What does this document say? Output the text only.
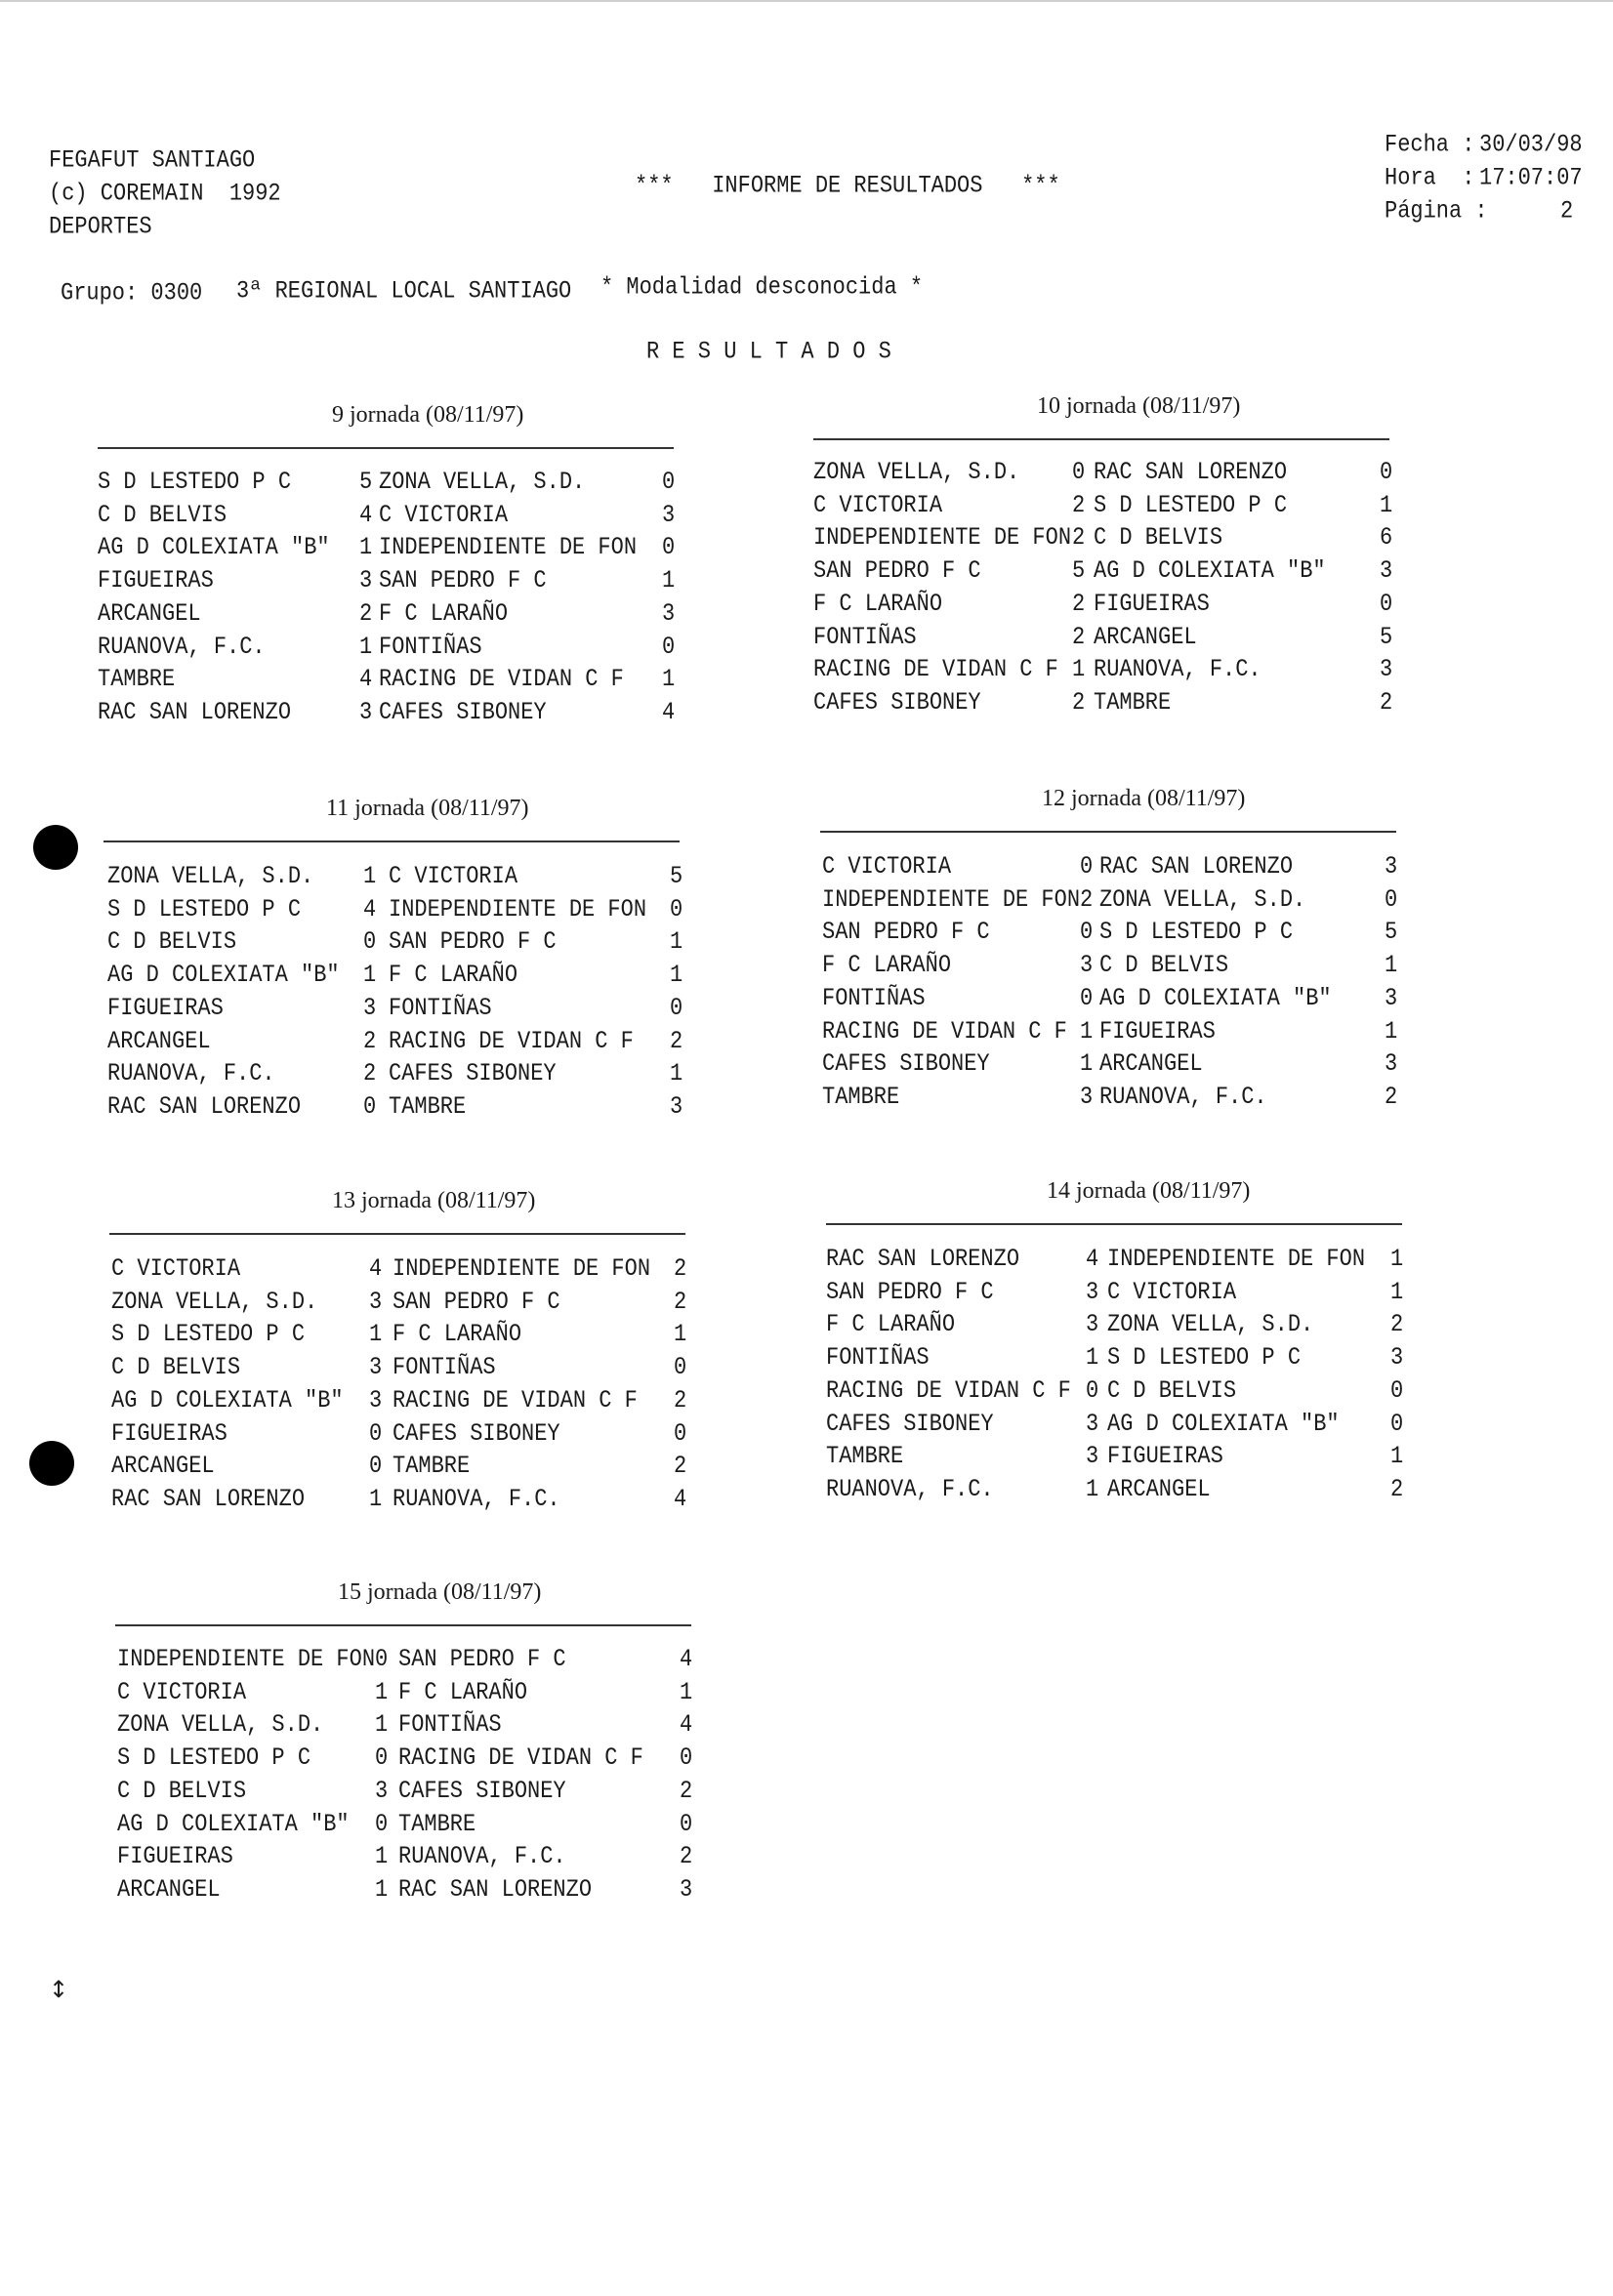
FEGAFUT SANTIAGO
(c) COREMAIN  1992
DEPORTES
***   INFORME DE RESULTADOS   ***
Fecha : 30/03/98
Hora  : 17:07:07
Página :	2
Grupo: 0300 3ª REGIONAL LOCAL SANTIAGO * Modalidad desconocida *
R E S U L T A D O S
9 jornada (08/11/97)
S D LESTEDO P C	5 ZONA VELLA, S.D.	0
C D BELVIS	4 C VICTORIA	3
AG D COLEXIATA "B" 1 INDEPENDIENTE DE FON 0
FIGUEIRAS	3 SAN PEDRO F C	1
ARCANGEL	2 F C LARAÑO	3
RUANOVA, F.C.	1 FONTIÑAS	0
TAMBRE	4 RACING DE VIDAN C F 1
RAC SAN LORENZO	3 CAFES SIBONEY	4
10 jornada (08/11/97)
ZONA VELLA, S.D. 0 RAC SAN LORENZO	0
C VICTORIA	2 S D LESTEDO P C	1
INDEPENDIENTE DE FON 2 C D BELVIS	6
SAN PEDRO F C	5 AG D COLEXIATA "B"	3
F C LARAÑO	2 FIGUEIRAS	0
FONTIÑAS	2 ARCANGEL	5
RACING DE VIDAN C F 1 RUANOVA, F.C.	3
CAFES SIBONEY	2 TAMBRE	2
11 jornada (08/11/97)
ZONA VELLA, S.D. 1 C VICTORIA	5
S D LESTEDO P C	4 INDEPENDIENTE DE FON 0
C D BELVIS	0 SAN PEDRO F C	1
AG D COLEXIATA "B" 1 F C LARAÑO	1
FIGUEIRAS	3 FONTIÑAS	0
ARCANGEL	2 RACING DE VIDAN C F 2
RUANOVA, F.C.	2 CAFES SIBONEY	1
RAC SAN LORENZO	0 TAMBRE	3
12 jornada (08/11/97)
C VICTORIA	0 RAC SAN LORENZO	3
INDEPENDIENTE DE FON 2 ZONA VELLA, S.D.	0
SAN PEDRO F C	0 S D LESTEDO P C	5
F C LARAÑO	3 C D BELVIS	1
FONTIÑAS	0 AG D COLEXIATA "B" 3
RACING DE VIDAN C F 1 FIGUEIRAS	1
CAFES SIBONEY	1 ARCANGEL	3
TAMBRE	3 RUANOVA, F.C.	2
13 jornada (08/11/97)
C VICTORIA	4 INDEPENDIENTE DE FON 2
ZONA VELLA, S.D. 3 SAN PEDRO F C	2
S D LESTEDO P C	1 F C LARAÑO	1
C D BELVIS	3 FONTIÑAS	0
AG D COLEXIATA "B" 3 RACING DE VIDAN C F 2
FIGUEIRAS	0 CAFES SIBONEY	0
ARCANGEL	0 TAMBRE	2
RAC SAN LORENZO	1 RUANOVA, F.C.	4
14 jornada (08/11/97)
RAC SAN LORENZO	4 INDEPENDIENTE DE FON 1
SAN PEDRO F C	3 C VICTORIA	1
F C LARAÑO	3 ZONA VELLA, S.D.	2
FONTIÑAS	1 S D LESTEDO P C	3
RACING DE VIDAN C F 0 C D BELVIS	0
CAFES SIBONEY	3 AG D COLEXIATA "B" 0
TAMBRE	3 FIGUEIRAS	1
RUANOVA, F.C.	1 ARCANGEL	2
15 jornada (08/11/97)
INDEPENDIENTE DE FON 0 SAN PEDRO F C	4
C VICTORIA	1 F C LARAÑO	1
ZONA VELLA, S.D. 1 FONTIÑAS	4
S D LESTEDO P C	0 RACING DE VIDAN C F 0
C D BELVIS	3 CAFES SIBONEY	2
AG D COLEXIATA "B" 0 TAMBRE	0
FIGUEIRAS	1 RUANOVA, F.C.	2
ARCANGEL	1 RAC SAN LORENZO	3
↕
